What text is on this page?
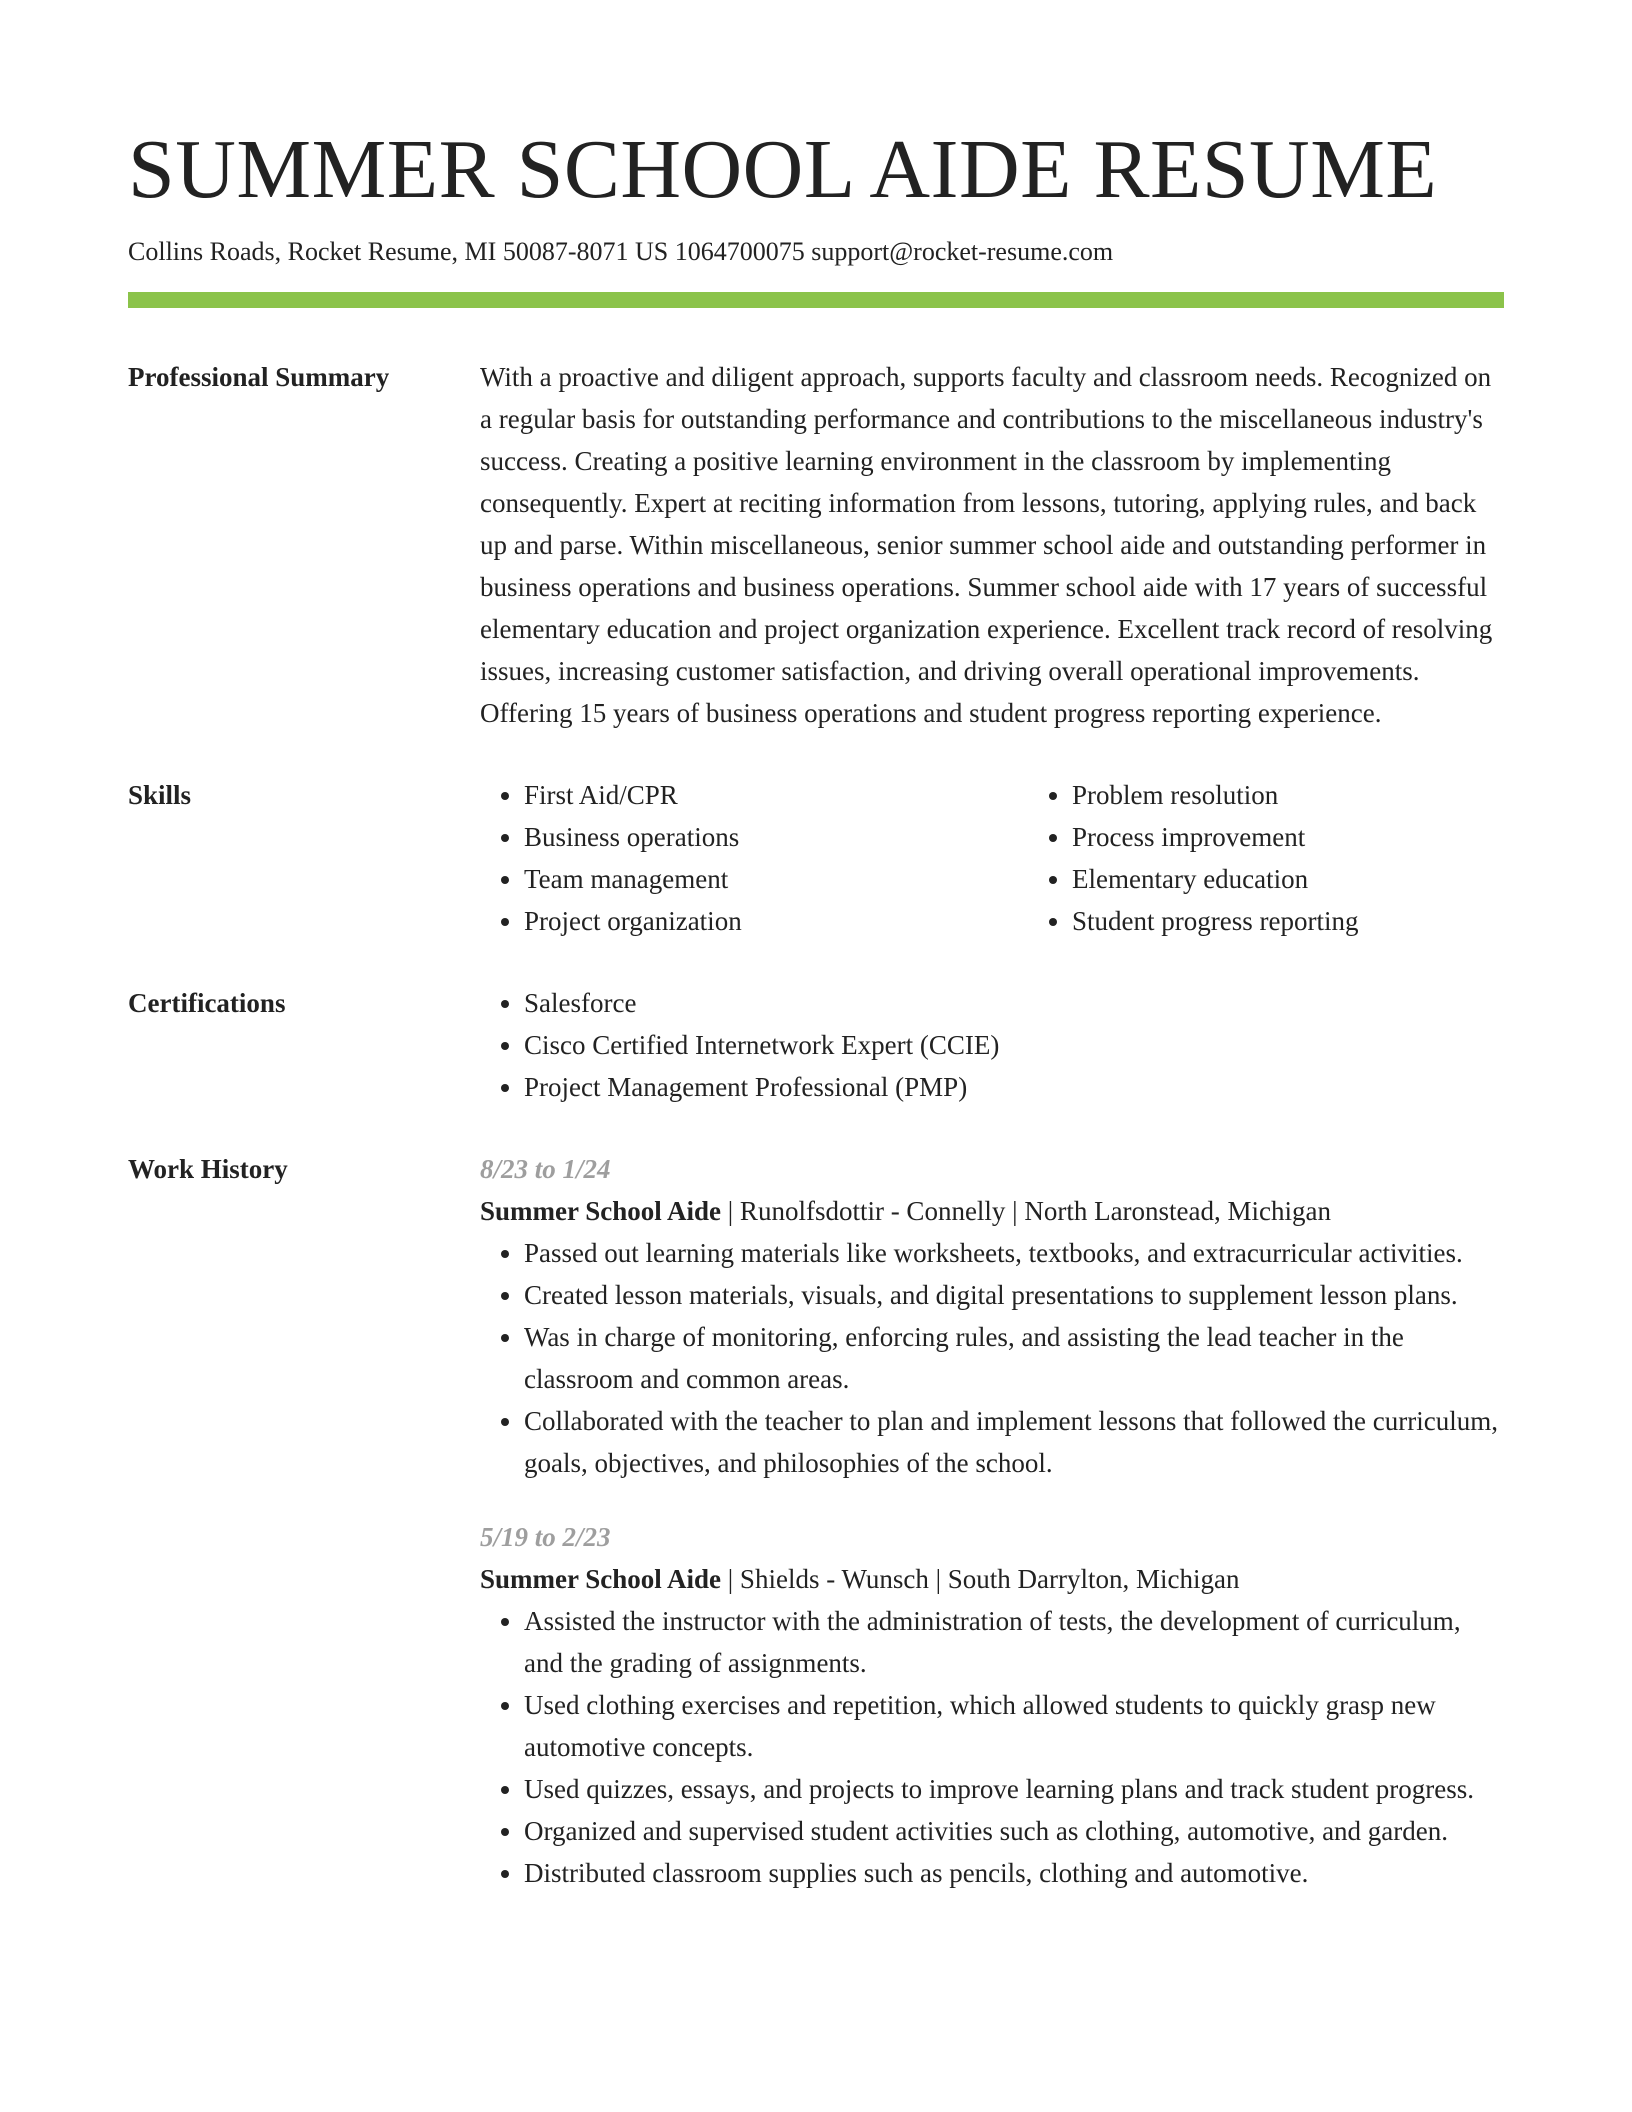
SUMMER SCHOOL AIDE RESUME
Collins Roads, Rocket Resume, MI 50087-8071 US 1064700075 support@rocket-resume.com
Professional Summary	With a proactive and diligent approach, supports faculty and classroom needs. Recognized on a regular basis for outstanding performance and contributions to the miscellaneous industry's success. Creating a positive learning environment in the classroom by implementing consequently. Expert at reciting information from lessons, tutoring, applying rules, and back up and parse. Within miscellaneous, senior summer school aide and outstanding performer in business operations and business operations. Summer school aide with 17 years of successful elementary education and project organization experience. Excellent track record of resolving issues, increasing customer satisfaction, and driving overall operational improvements. Offering 15 years of business operations and student progress reporting experience.

Skills	• First Aid/CPR
• Business operations
• Team management
• Project organization
• Problem resolution
• Process improvement
• Elementary education
• Student progress reporting
Certifications	• Salesforce
• Cisco Certified Internetwork Expert (CCIE)
• Project Management Professional (PMP)
Work History	8/23 to 1/24
Summer School Aide | Runolfsdottir - Connelly | North Laronstead, Michigan
• Passed out learning materials like worksheets, textbooks, and extracurricular activities.
• Created lesson materials, visuals, and digital presentations to supplement lesson plans.
• Was in charge of monitoring, enforcing rules, and assisting the lead teacher in the classroom and common areas.
• Collaborated with the teacher to plan and implement lessons that followed the curriculum, goals, objectives, and philosophies of the school.
5/19 to 2/23
Summer School Aide | Shields - Wunsch | South Darrylton, Michigan
• Assisted the instructor with the administration of tests, the development of curriculum, and the grading of assignments.
• Used clothing exercises and repetition, which allowed students to quickly grasp new automotive concepts.
• Used quizzes, essays, and projects to improve learning plans and track student progress.
• Organized and supervised student activities such as clothing, automotive, and garden.
• Distributed classroom supplies such as pencils, clothing and automotive.
